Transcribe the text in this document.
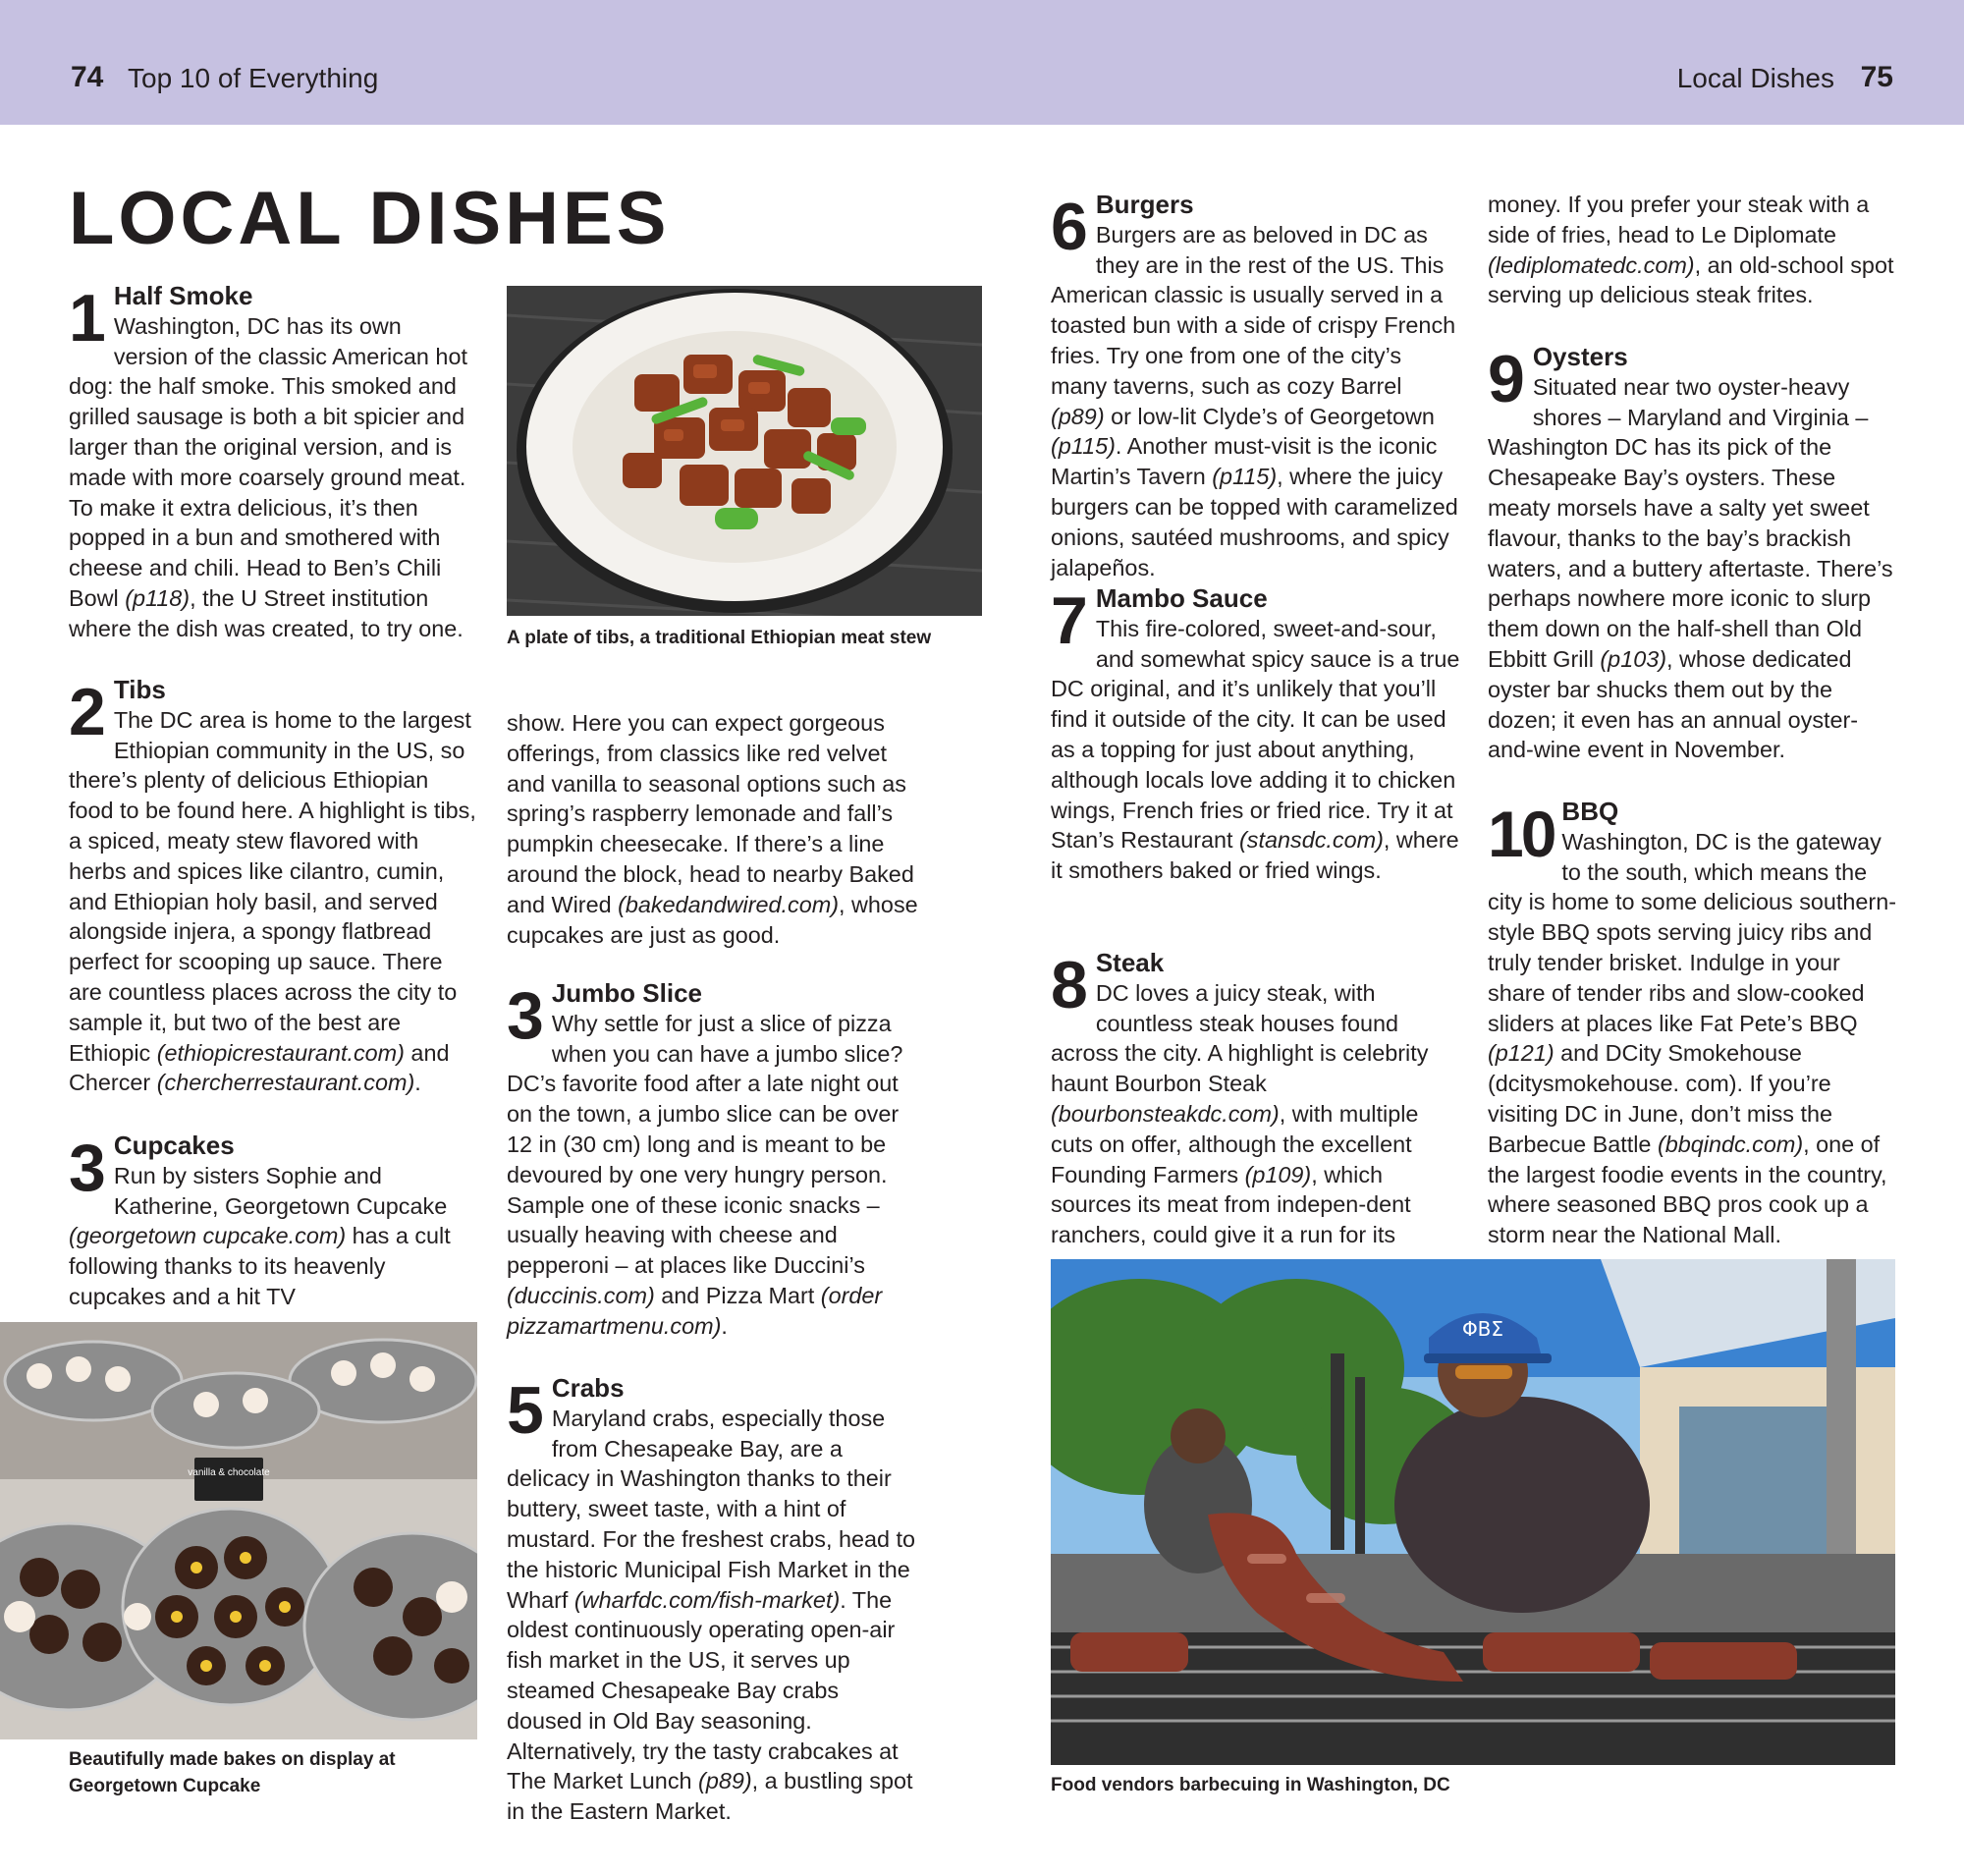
74 Top 10 of Everything	Local Dishes 75
LOCAL DISHES
1 Half Smoke

Washington, DC has its own version of the classic American hot dog: the half smoke. This smoked and grilled sausage is both a bit spicier and larger than the original version, and is made with more coarsely ground meat. To make it extra delicious, it’s then popped in a bun and smothered with cheese and chili. Head to Ben’s Chili Bowl (p118), the U Street institution where the dish was created, to try one.

2 Tibs

The DC area is home to the largest Ethiopian community in the US, so there’s plenty of delicious Ethiopian food to be found here. A highlight is tibs, a spiced, meaty stew flavored with herbs and spices like cilantro, cumin, and Ethiopian holy basil, and served alongside injera, a spongy flatbread perfect for scooping up sauce. There are countless places across the city to sample it, but two of the best are Ethiopic (ethiopicrestaurant.com) and Chercer (chercherrestaurant.com).

3 Cupcakes

Run by sisters Sophie and Katherine, Georgetown Cupcake (georgetown cupcake.com) has a cult following thanks to its heavenly cupcakes and a hit TV

show. Here you can expect gorgeous offerings, from classics like red velvet and vanilla to seasonal options such as spring’s raspberry lemonade and fall’s pumpkin cheesecake. If there’s a line around the block, head to nearby Baked and Wired (bakedandwired.com), whose cupcakes are just as good.

3 Jumbo Slice

Why settle for just a slice of pizza when you can have a jumbo slice? DC’s favorite food after a late night out on the town, a jumbo slice can be over 12 in (30 cm) long and is meant to be devoured by one very hungry person. Sample one of these iconic snacks – usually heaving with cheese and pepperoni – at places like Duccini’s (duccinis.com) and Pizza Mart (order pizzamartmenu.com).

5 Crabs

Maryland crabs, especially those from Chesapeake Bay, are a delicacy in Washington thanks to their buttery, sweet taste, with a hint of mustard. For the freshest crabs, head to the historic Municipal Fish Market in the Wharf (wharfdc.com/fish-market). The oldest continuously operating open-air fish market in the US, it serves up steamed Chesapeake Bay crabs doused in Old Bay seasoning. Alternatively, try the tasty crabcakes at The Market Lunch (p89), a bustling spot in the Eastern Market.

6 Burgers

Burgers are as beloved in DC as they are in the rest of the US. This American classic is usually served in a toasted bun with a side of crispy French fries. Try one from one of the city’s many taverns, such as cozy Barrel (p89) or low-lit Clyde’s of Georgetown (p115). Another must-visit is the iconic Martin’s Tavern (p115), where the juicy burgers can be topped with caramelized onions, sautéed mushrooms, and spicy jalapeños.

7 Mambo Sauce

This fire-colored, sweet-and-sour, and somewhat spicy sauce is a true DC original, and it’s unlikely that you’ll find it outside of the city. It can be used as a topping for just about anything, although locals love adding it to chicken wings, French fries or fried rice. Try it at Stan’s Restaurant (stansdc.com), where it smothers baked or fried wings.

8 Steak

DC loves a juicy steak, with countless steak houses found across the city. A highlight is celebrity haunt Bourbon Steak (bourbonsteakdc.com), with multiple cuts on offer, although the excellent Founding Farmers (p109), which sources its meat from indepen-dent ranchers, could give it a run for its

money. If you prefer your steak with a side of fries, head to Le Diplomate (lediplomatedc.com), an old-school spot serving up delicious steak frites.

9 Oysters

Situated near two oyster-heavy shores – Maryland and Virginia – Washington DC has its pick of the Chesapeake Bay’s oysters. These meaty morsels have a salty yet sweet flavour, thanks to the bay’s brackish waters, and a buttery aftertaste. There’s perhaps nowhere more iconic to slurp them down on the half-shell than Old Ebbitt Grill (p103), whose dedicated oyster bar shucks them out by the dozen; it even has an annual oyster-and-wine event in November.

10 BBQ

Washington, DC is the gateway to the south, which means the city is home to some delicious southern-style BBQ spots serving juicy ribs and truly tender brisket. Indulge in your share of tender ribs and slow-cooked sliders at places like Fat Pete’s BBQ (p121) and DCity Smokehouse (dcitysmokehouse. com). If you’re visiting DC in June, don’t miss the Barbecue Battle (bbqindc.com), one of the largest foodie events in the country, where seasoned BBQ pros cook up a storm near the National Mall.

A plate of tibs, a traditional Ethiopian meat stew
vanilla & chocolate
Beautifully made bakes on display at Georgetown Cupcake
ΦΒΣ
Food vendors barbecuing in Washington, DC
